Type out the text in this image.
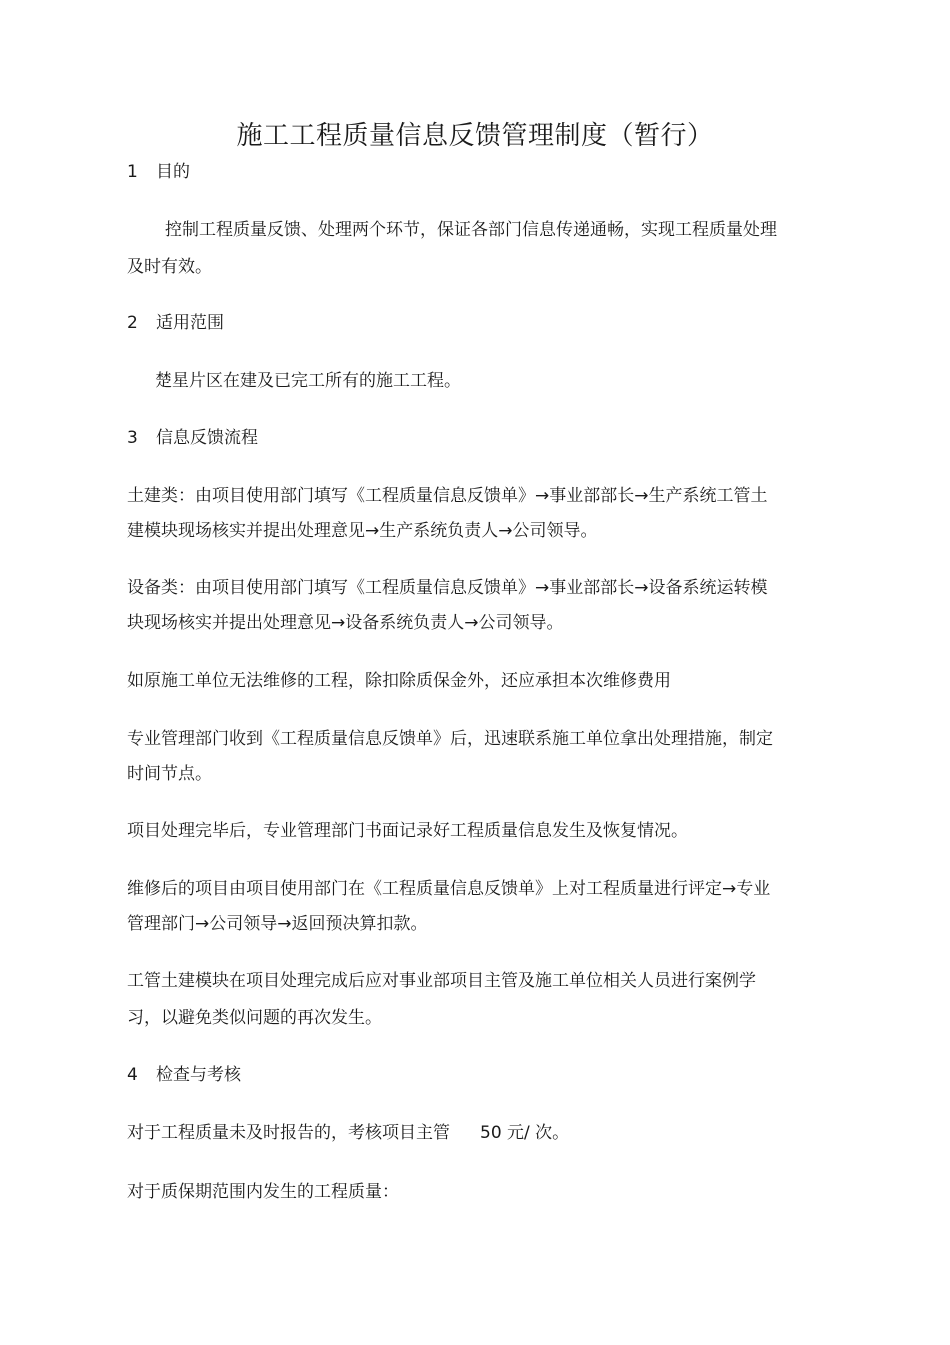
施工工程质量信息反馈管理制度（暂行）
1 目的
控制工程质量反馈、处理两个环节，保证各部门信息传递通畅，实现工程质量处理
及时有效。
2 适用范围
楚星片区在建及已完工所有的施工工程。
3 信息反馈流程
土建类：由项目使用部门填写《工程质量信息反馈单》→事业部部长→生产系统工管土
建模块现场核实并提出处理意见→生产系统负责人→公司领导。
设备类：由项目使用部门填写《工程质量信息反馈单》→事业部部长→设备系统运转模
块现场核实并提出处理意见→设备系统负责人→公司领导。
如原施工单位无法维修的工程，除扣除质保金外，还应承担本次维修费用
专业管理部门收到《工程质量信息反馈单》后，迅速联系施工单位拿出处理措施，制定
时间节点。
项目处理完毕后，专业管理部门书面记录好工程质量信息发生及恢复情况。
维修后的项目由项目使用部门在《工程质量信息反馈单》上对工程质量进行评定→专业
管理部门→公司领导→返回预决算扣款。
工管土建模块在项目处理完成后应对事业部项目主管及施工单位相关人员进行案例学
习，以避免类似问题的再次发生。
4 检查与考核
对于工程质量未及时报告的，考核项目主管 50 元/ 次。
对于质保期范围内发生的工程质量：
